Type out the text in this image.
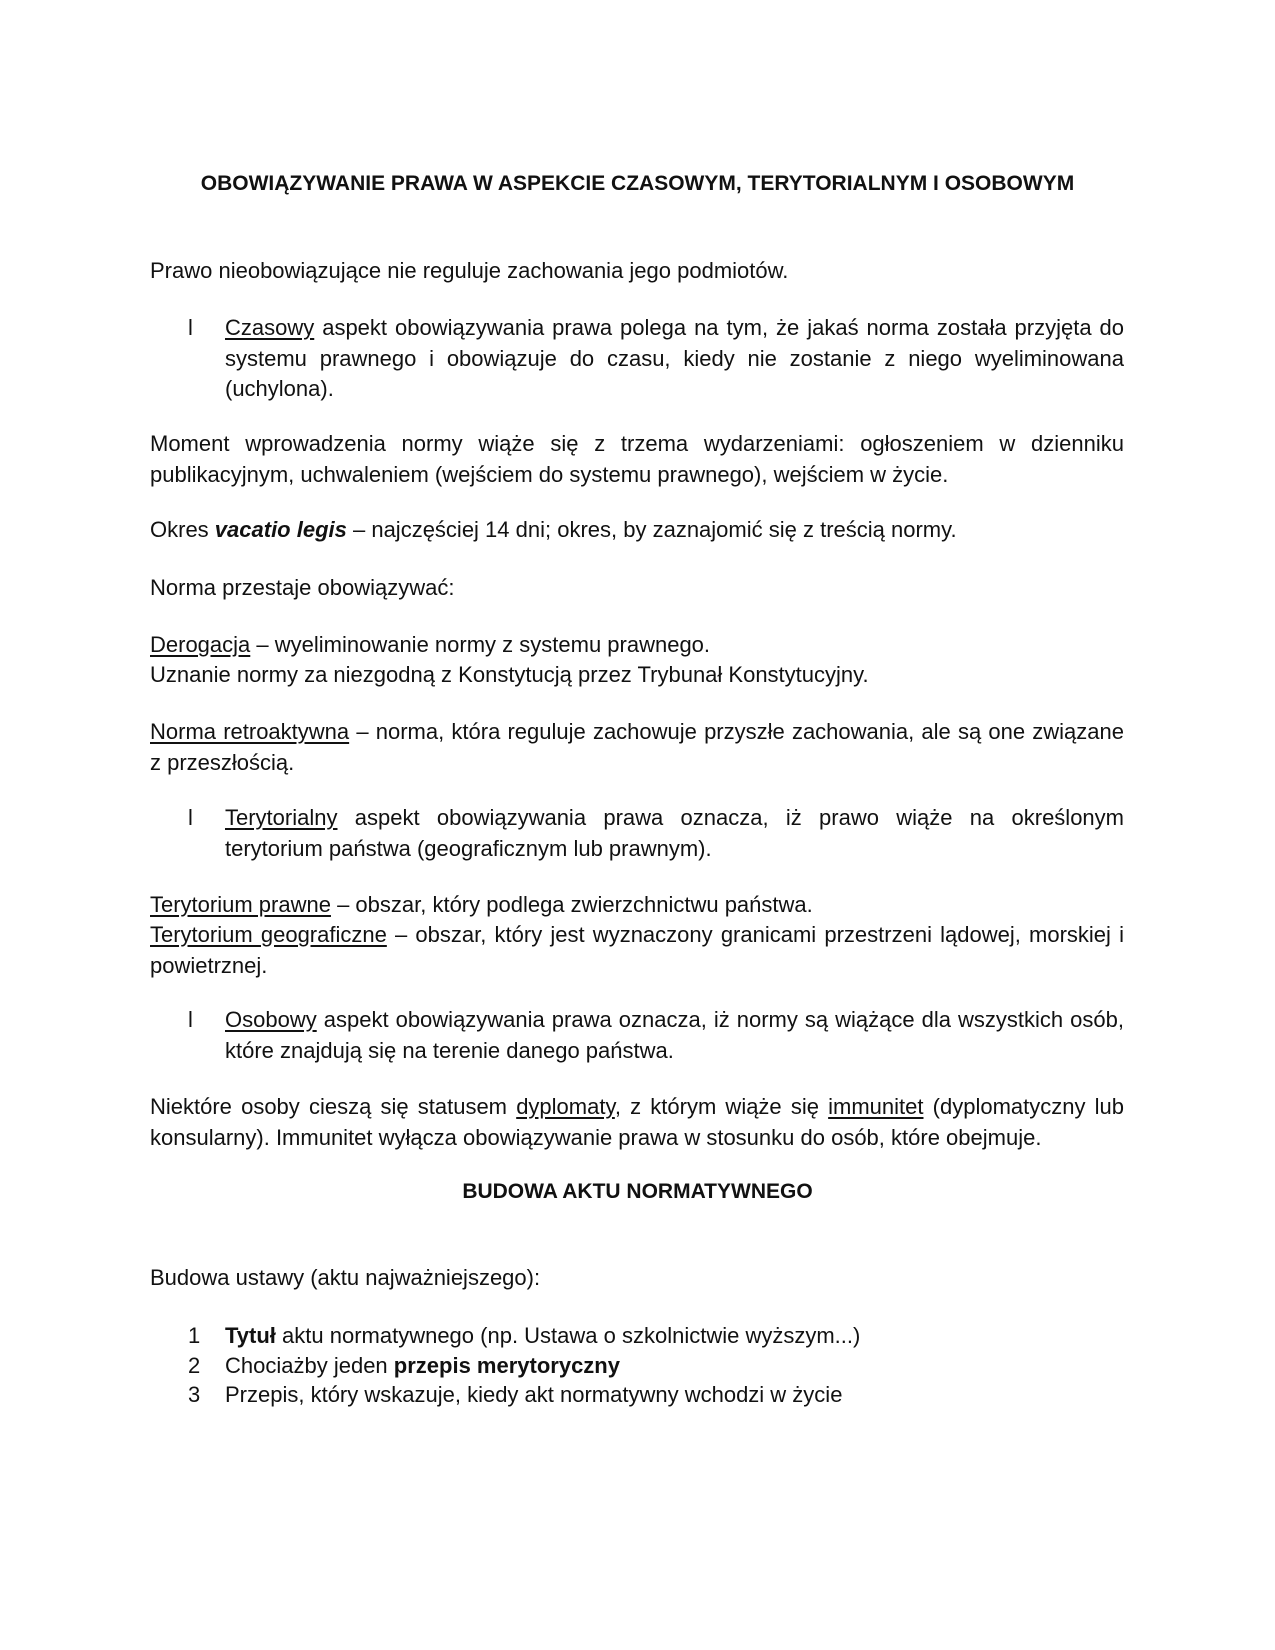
OBOWIĄZYWANIE PRAWA W ASPEKCIE CZASOWYM, TERYTORIALNYM I OSOBOWYM

Prawo nieobowiązujące nie reguluje zachowania jego podmiotów.

l Czasowy aspekt obowiązywania prawa polega na tym, że jakaś norma została przyjęta do systemu prawnego i obowiązuje do czasu, kiedy nie zostanie z niego wyeliminowana (uchylona).

Moment wprowadzenia normy wiąże się z trzema wydarzeniami: ogłoszeniem w dzienniku publikacyjnym, uchwaleniem (wejściem do systemu prawnego), wejściem w życie.

Okres vacatio legis – najczęściej 14 dni; okres, by zaznajomić się z treścią normy.

Norma przestaje obowiązywać:

Derogacja – wyeliminowanie normy z systemu prawnego.

Uznanie normy za niezgodną z Konstytucją przez Trybunał Konstytucyjny.

Norma retroaktywna – norma, która reguluje zachowuje przyszłe zachowania, ale są one związane z przeszłością.

l Terytorialny aspekt obowiązywania prawa oznacza, iż prawo wiąże na określonym terytorium państwa (geograficznym lub prawnym).

Terytorium prawne – obszar, który podlega zwierzchnictwu państwa.

Terytorium geograficzne – obszar, który jest wyznaczony granicami przestrzeni lądowej, morskiej i powietrznej.

l Osobowy aspekt obowiązywania prawa oznacza, iż normy są wiążące dla wszystkich osób, które znajdują się na terenie danego państwa.

Niektóre osoby cieszą się statusem dyplomaty, z którym wiąże się immunitet (dyplomatyczny lub konsularny). Immunitet wyłącza obowiązywanie prawa w stosunku do osób, które obejmuje.

BUDOWA AKTU NORMATYWNEGO

Budowa ustawy (aktu najważniejszego):

1 Tytuł aktu normatywnego (np. Ustawa o szkolnictwie wyższym...)
2 Chociażby jeden przepis merytoryczny
3 Przepis, który wskazuje, kiedy akt normatywny wchodzi w życie
